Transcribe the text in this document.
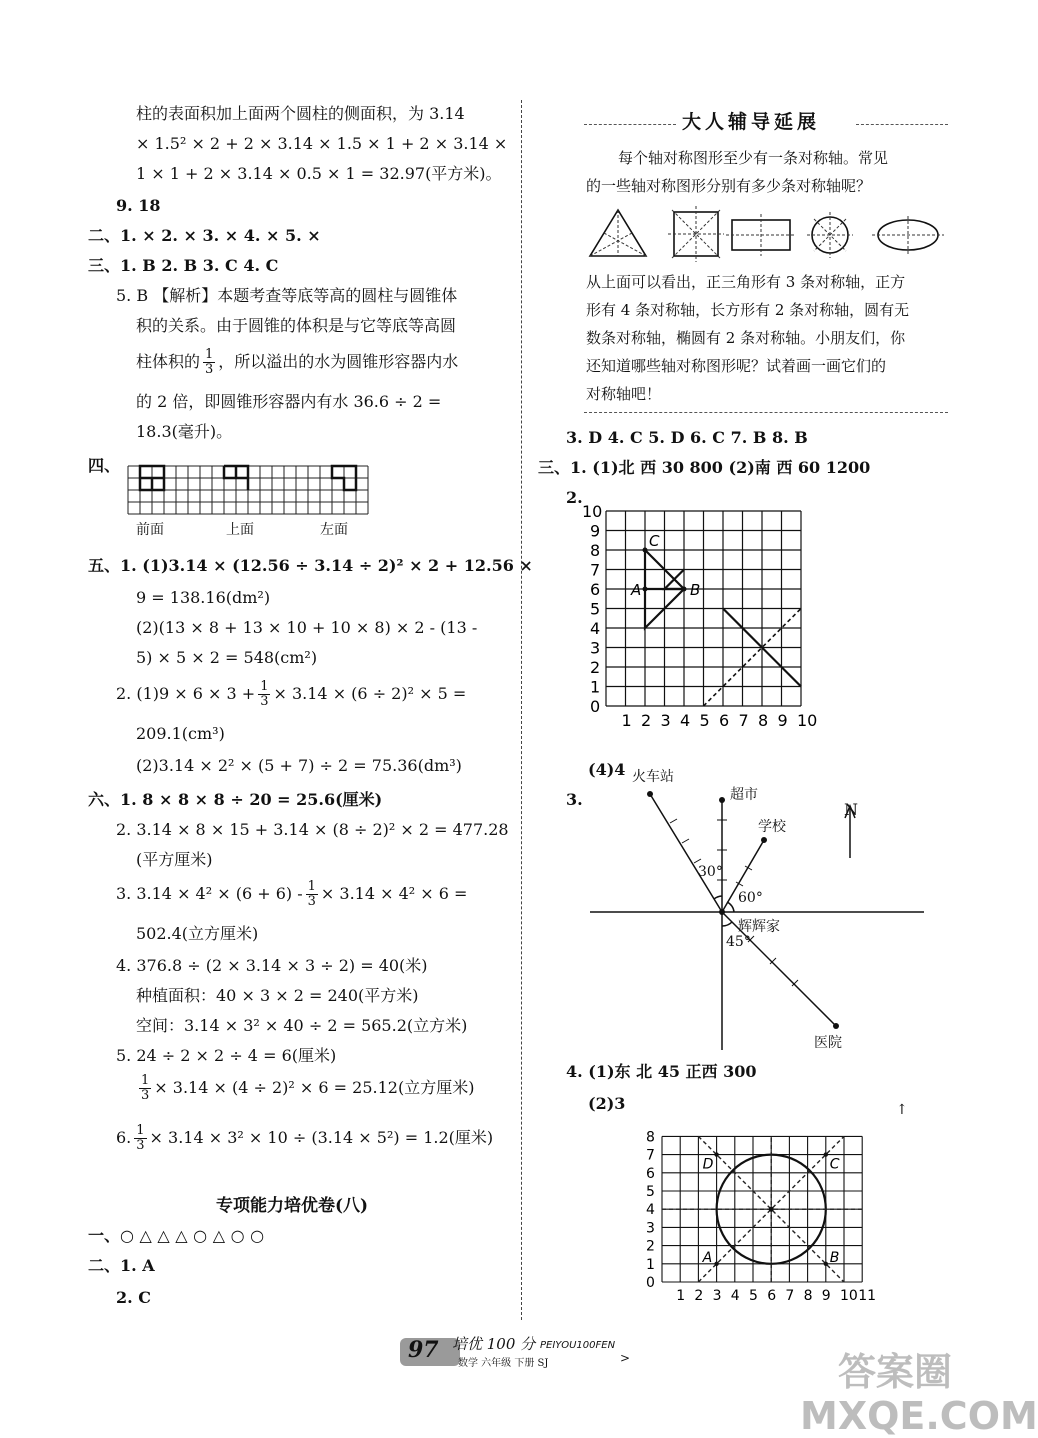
柱的表面积加上面两个圆柱的侧面积，为 3.14
× 1.5² × 2 + 2 × 3.14 × 1.5 × 1 + 2 × 3.14 ×
1 × 1 + 2 × 3.14 × 0.5 × 1 = 32.97(平方米)。
9. 18
二、1. × 2. × 3. × 4. × 5. ×
三、1. B 2. B 3. C 4. C
5. B 【解析】本题考查等底等高的圆柱与圆锥体
积的关系。由于圆锥的体积是与它等底等高圆
柱体积的 $\frac{1}{3}$ ，所以溢出的水为圆锥形容器内水
的 2 倍，即圆锥形容器内有水 36.6 ÷ 2 =
18.3(毫升)。
四、
前面	上面	左面
五、1. (1)3.14 × (12.56 ÷ 3.14 ÷ 2)² × 2 + 12.56 ×
9 = 138.16(dm²)
(2)(13 × 8 + 13 × 10 + 10 × 8) × 2 - (13 -
5) × 5 × 2 = 548(cm²)
2. $(1)9 \times 6 \times 3 + \frac{1}{3} \times 3.14 \times (6 \div 2)^2 \times 5$ =
209.1(cm³)
(2)3.14 × 2² × (5 + 7) ÷ 2 = 75.36(dm³)
六、1. 8 × 8 × 8 ÷ 20 = 25.6(厘米)
2. 3.14 × 8 × 15 + 3.14 × (8 ÷ 2)² × 2 = 477.28
(平方厘米)
3. $3.14 \times 4^2 \times (6 + 6) - \frac{1}{3} \times 3.14 \times 4^2 \times 6$ =
502.4(立方厘米)
4. 376.8 ÷ (2 × 3.14 × 3 ÷ 2) = 40(米)
种植面积：40 × 3 × 2 = 240(平方米)
空间：3.14 × 3² × 40 ÷ 2 = 565.2(立方米)
5. 24 ÷ 2 × 2 ÷ 4 = 6(厘米)
$\frac{1}{3} \times 3.14 \times (4 \div 2)^2 \times 6 = 25.12$(立方厘米)
6. $\frac{1}{3} \times 3.14 \times 3^2 \times 10 \div (3.14 \times 5^2) = 1.2$(厘米)
专项能力培优卷(八)
一、○ △ △ △ ○ △ ○ ○
二、1. A
2. C
大人辅导延展
每个轴对称图形至少有一条对称轴。常见
的一些轴对称图形分别有多少条对称轴呢？
从上面可以看出，正三角形有 3 条对称轴，正方
形有 4 条对称轴，长方形有 2 条对称轴，圆有无
数条对称轴，椭圆有 2 条对称轴。小朋友们，你
还知道哪些轴对称图形呢？试着画一画它们的
对称轴吧！
3. D 4. C 5. D 6. C 7. B 8. B
三、1. (1)北 西 30 800 (2)南 西 60 1200
2.
1 2 3 4 5 6 7 8 9 10
0
1
2
3
4
5
6
7
8
9
10
A	B
C
(4)4
3.
火车站
超市
学校
辉辉家
医院
N
30°
60°
45°
4. (1)东 北 45 正西 300
(2)3
1 2 3 4 5 6 7 8 9 10 11
0
1
2
3
4
5
6
7
8
A	B
C
D
97 培优 100 分 PEIYOU100FEN
数学 六年级 下册 SJ	>	答案圈 MXQE.COM
↑
